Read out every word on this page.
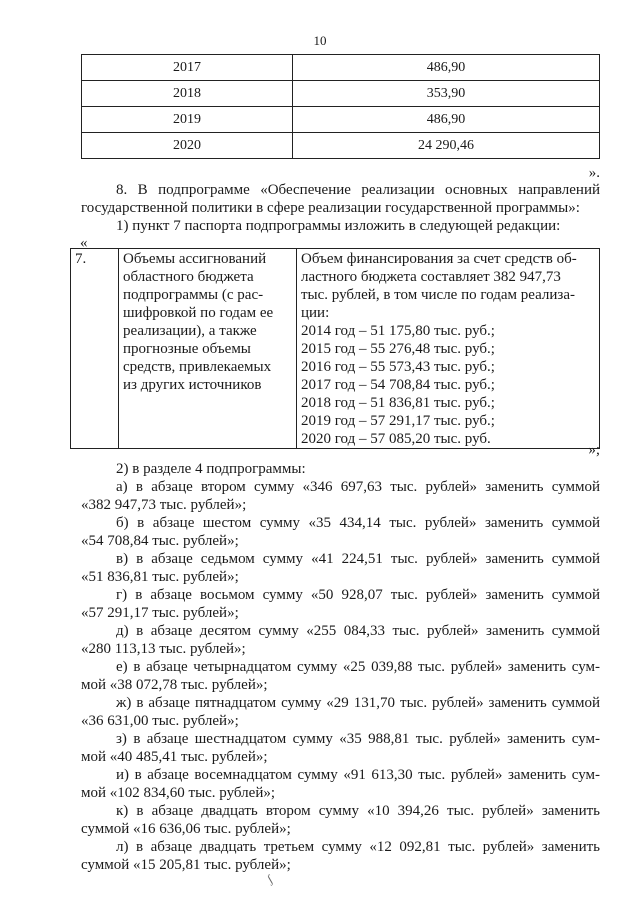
10
2017	486,90
2018	353,90
2019	486,90
2020	24 290,46
».
8. В подпрограмме «Обеспечение реализации основных направлений
государственной политики в сфере реализации государственной программы»:
1) пункт 7 паспорта подпрограммы изложить в следующей редакции:
«
7.	Объемы ассигнований
областного бюджета
подпрограммы (с рас-
шифровкой по годам ее
реализации), а также
прогнозные объемы
средств, привлекаемых
из других источников

Объем финансирования за счет средств об-
ластного бюджета составляет 382 947,73
тыс. рублей, в том числе по годам реализа-
ции:
2014 год – 51 175,80 тыс. руб.;
2015 год – 55 276,48 тыс. руб.;
2016 год – 55 573,43 тыс. руб.;
2017 год – 54 708,84 тыс. руб.;
2018 год – 51 836,81 тыс. руб.;
2019 год – 57 291,17 тыс. руб.;
2020 год – 57 085,20 тыс. руб.
»;
2) в разделе 4 подпрограммы:
а) в абзаце втором сумму «346 697,63 тыс. рублей» заменить суммой
«382 947,73 тыс. рублей»;
б) в абзаце шестом сумму «35 434,14 тыс. рублей» заменить суммой
«54 708,84 тыс. рублей»;
в) в абзаце седьмом сумму «41 224,51 тыс. рублей» заменить суммой
«51 836,81 тыс. рублей»;
г) в абзаце восьмом сумму «50 928,07 тыс. рублей» заменить суммой
«57 291,17 тыс. рублей»;
д) в абзаце десятом сумму «255 084,33 тыс. рублей» заменить суммой
«280 113,13 тыс. рублей»;
е) в абзаце четырнадцатом сумму «25 039,88 тыс. рублей» заменить сум-
мой «38 072,78 тыс. рублей»;
ж) в абзаце пятнадцатом сумму «29 131,70 тыс. рублей» заменить суммой
«36 631,00 тыс. рублей»;
з) в абзаце шестнадцатом сумму «35 988,81 тыс. рублей» заменить сум-
мой «40 485,41 тыс. рублей»;
и) в абзаце восемнадцатом сумму «91 613,30 тыс. рублей» заменить сум-
мой «102 834,60 тыс. рублей»;
к) в абзаце двадцать втором сумму «10 394,26 тыс. рублей» заменить
суммой «16 636,06 тыс. рублей»;
л) в абзаце двадцать третьем сумму «12 092,81 тыс. рублей» заменить
суммой «15 205,81 тыс. рублей»;
ʃ
